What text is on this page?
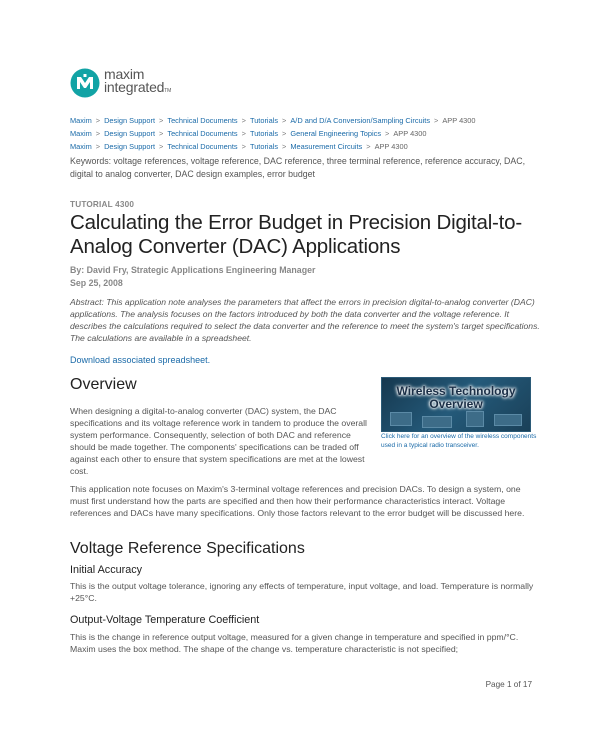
maxim
integratedTM
Maxim > Design Support > Technical Documents > Tutorials > A/D and D/A Conversion/Sampling Circuits > APP 4300
Maxim > Design Support > Technical Documents > Tutorials > General Engineering Topics > APP 4300
Maxim > Design Support > Technical Documents > Tutorials > Measurement Circuits > APP 4300
Keywords: voltage references, voltage reference, DAC reference, three terminal reference, reference accuracy, DAC, digital to analog converter, DAC design examples, error budget
TUTORIAL 4300
Calculating the Error Budget in Precision Digital-to-Analog Converter (DAC) Applications
By: David Fry, Strategic Applications Engineering Manager
Sep 25, 2008
Abstract: This application note analyses the parameters that affect the errors in precision digital-to-analog converter (DAC) applications. The analysis focuses on the factors introduced by both the data converter and the voltage reference. It describes the calculations required to select the data converter and the reference to meet the system's target specifications. The calculations are available in a spreadsheet.
Download associated spreadsheet.
Overview
When designing a digital-to-analog converter (DAC) system, the DAC specifications and its voltage reference work in tandem to produce the overall system performance. Consequently, selection of both DAC and reference should be made together. The components' specifications can be traded off against each other to ensure that system specifications are met at the lowest cost.
Wireless Technology Overview
Click here for an overview of the wireless components used in a typical radio transceiver.
This application note focuses on Maxim's 3-terminal voltage references and precision DACs. To design a system, one must first understand how the parts are specified and then how their performance characteristics interact. Voltage references and DACs have many specifications. Only those factors relevant to the error budget will be discussed here.
Voltage Reference Specifications
Initial Accuracy
This is the output voltage tolerance, ignoring any effects of temperature, input voltage, and load. Temperature is normally +25°C.
Output-Voltage Temperature Coefficient
This is the change in reference output voltage, measured for a given change in temperature and specified in ppm/°C. Maxim uses the box method. The shape of the change vs. temperature characteristic is not specified;
Page 1 of 17
